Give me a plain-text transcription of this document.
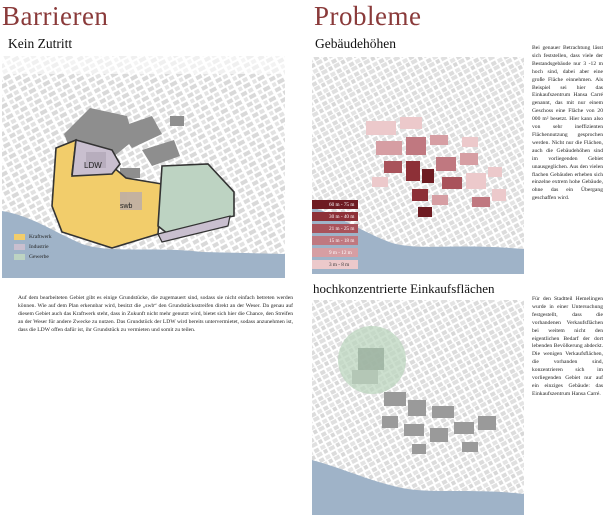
Barrieren
Kein Zutritt
LDW
swb
Kraftwerk
Industrie
Gewerbe
Auf dem bearbeiteten Gebiet gibt es einige Grundstücke, die zugemauert sind, sodass sie nicht einfach betreten werden können. Wie auf dem Plan erkennbar wird, besitzt die „swb“ den Grundstücksstreifen direkt an der Weser. Da genau auf diesem Gebiet auch das Kraftwerk steht, dass in Zukunft nicht mehr genutzt wird, bietet sich hier die Chance, den Streifen an der Weser für andere Zwecke zu nutzen. Das Grundstück der LDW wird bereits untervermietet, sodass anzunehmen ist, dass die LDW offen dafür ist, ihr Grundstück zu vermieten und somit zu teilen.
Probleme
Gebäudehöhen
60 m - 75 m
30 m - 40 m
21 m - 25 m
15 m - 18 m
9 m - 12 m
3 m - 8 m
Bei genauer Betrachtung lässt sich feststellen, dass viele der Bestandsgebäude nur 3 -12 m hoch sind, dabei aber eine große Fläche einnehmen. Als Beispiel sei hier das Einkaufszentrum Hansa Carré genannt, das mit nur einem Geschoss eine Fläche von 20 000 m² besetzt. Hier kann also von sehr ineffizienten Flächennutzung gesprochen werden. Nicht nur die Flächen, auch die Gebäudehöhen sind im vorliegenden Gebiet unausgeglichen. Aus den vielen flachen Gebäuden erheben sich einzelne extrem hohe Gebäude, ohne das ein Übergang geschaffen wird.
hochkonzentrierte Einkaufsflächen
Für den Stadtteil Hemelingen wurde in einer Untersuchung festgestellt, dass die vorhandenen Verkaufsflächen bei weitem nicht den eigentlichen Bedarf der dort lebenden Bevölkerung abdeckt. Die wenigen Verkaufsflächen, die vorhanden sind, konzentrieren sich im vorliegenden Gebiet nur auf ein einziges Gebäude: das Einkaufszentrum Hansa Carré.
